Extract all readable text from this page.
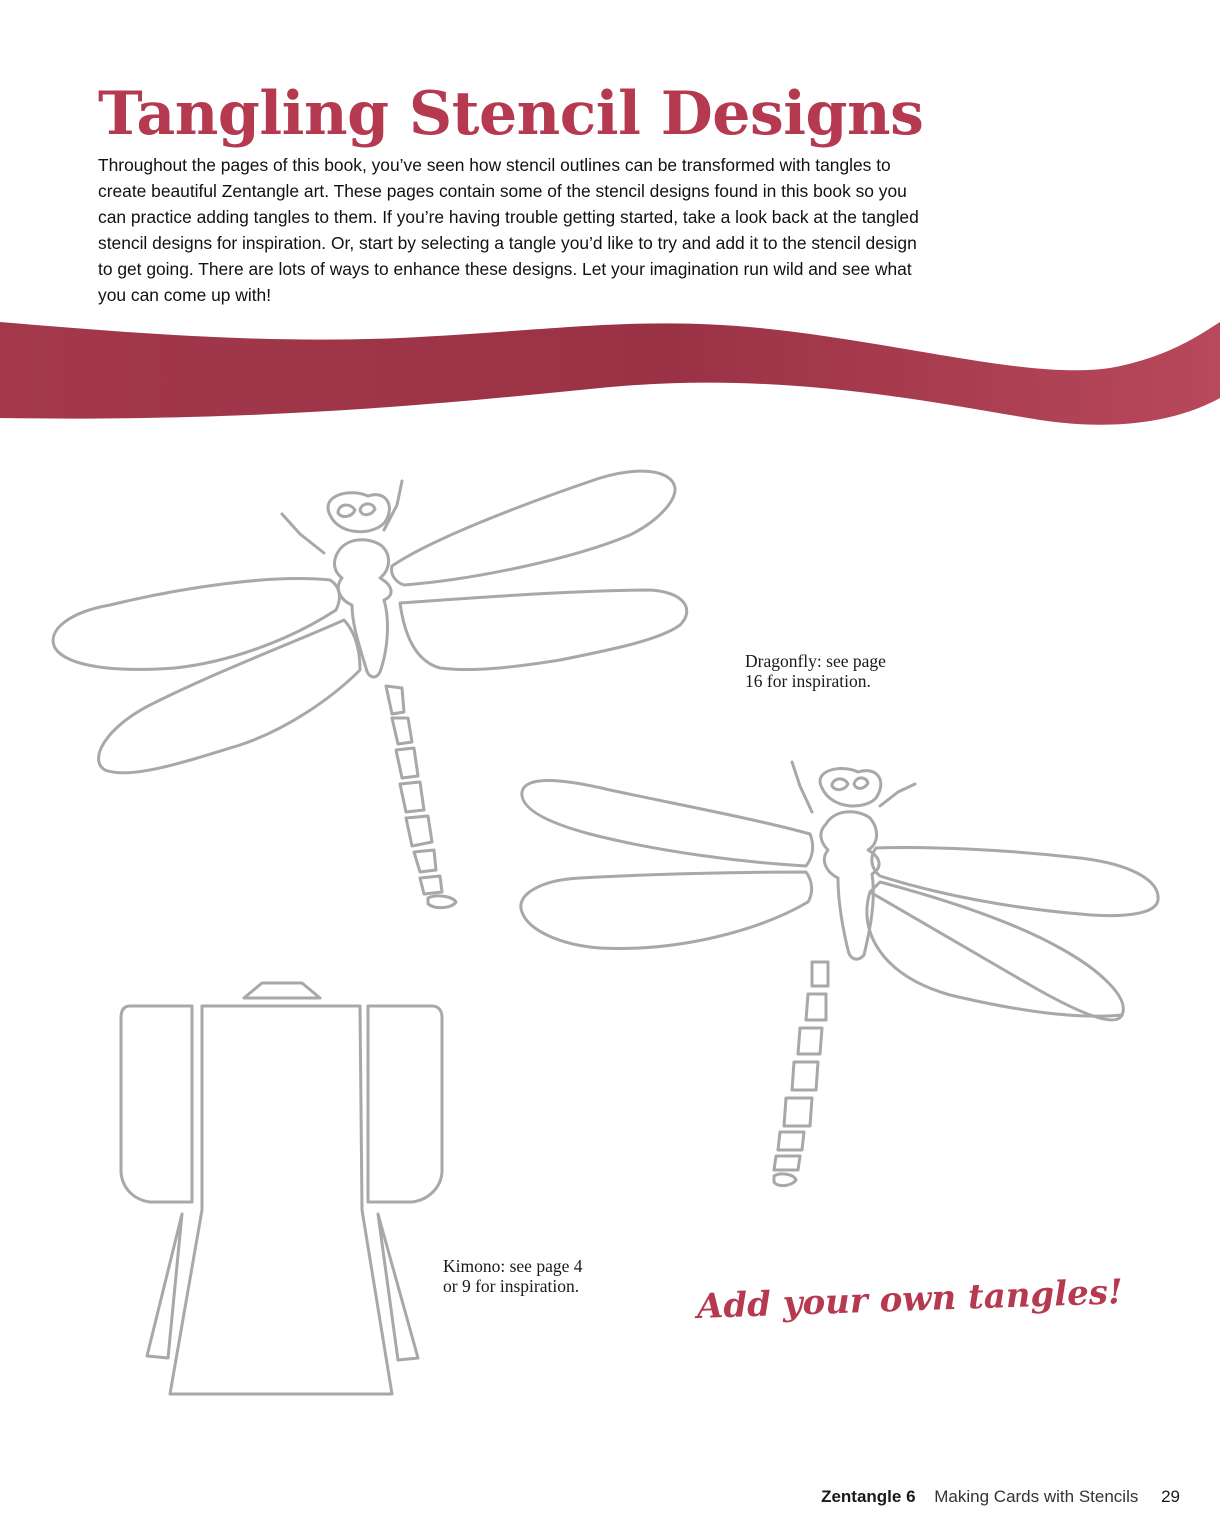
Tangling Stencil Designs

Throughout the pages of this book, you’ve seen how stencil outlines can be transformed with tangles to create beautiful Zentangle art. These pages contain some of the stencil designs found in this book so you can practice adding tangles to them. If you’re having trouble getting started, take a look back at the tangled stencil designs for inspiration. Or, start by selecting a tangle you’d like to try and add it to the stencil design to get going. There are lots of ways to enhance these designs. Let your imagination run wild and see what you can come up with!

Dragonfly: see page
16 for inspiration.

Kimono: see page 4
or 9 for inspiration.	Add your own tangles!

Zentangle 6 Making Cards with Stencils 29
